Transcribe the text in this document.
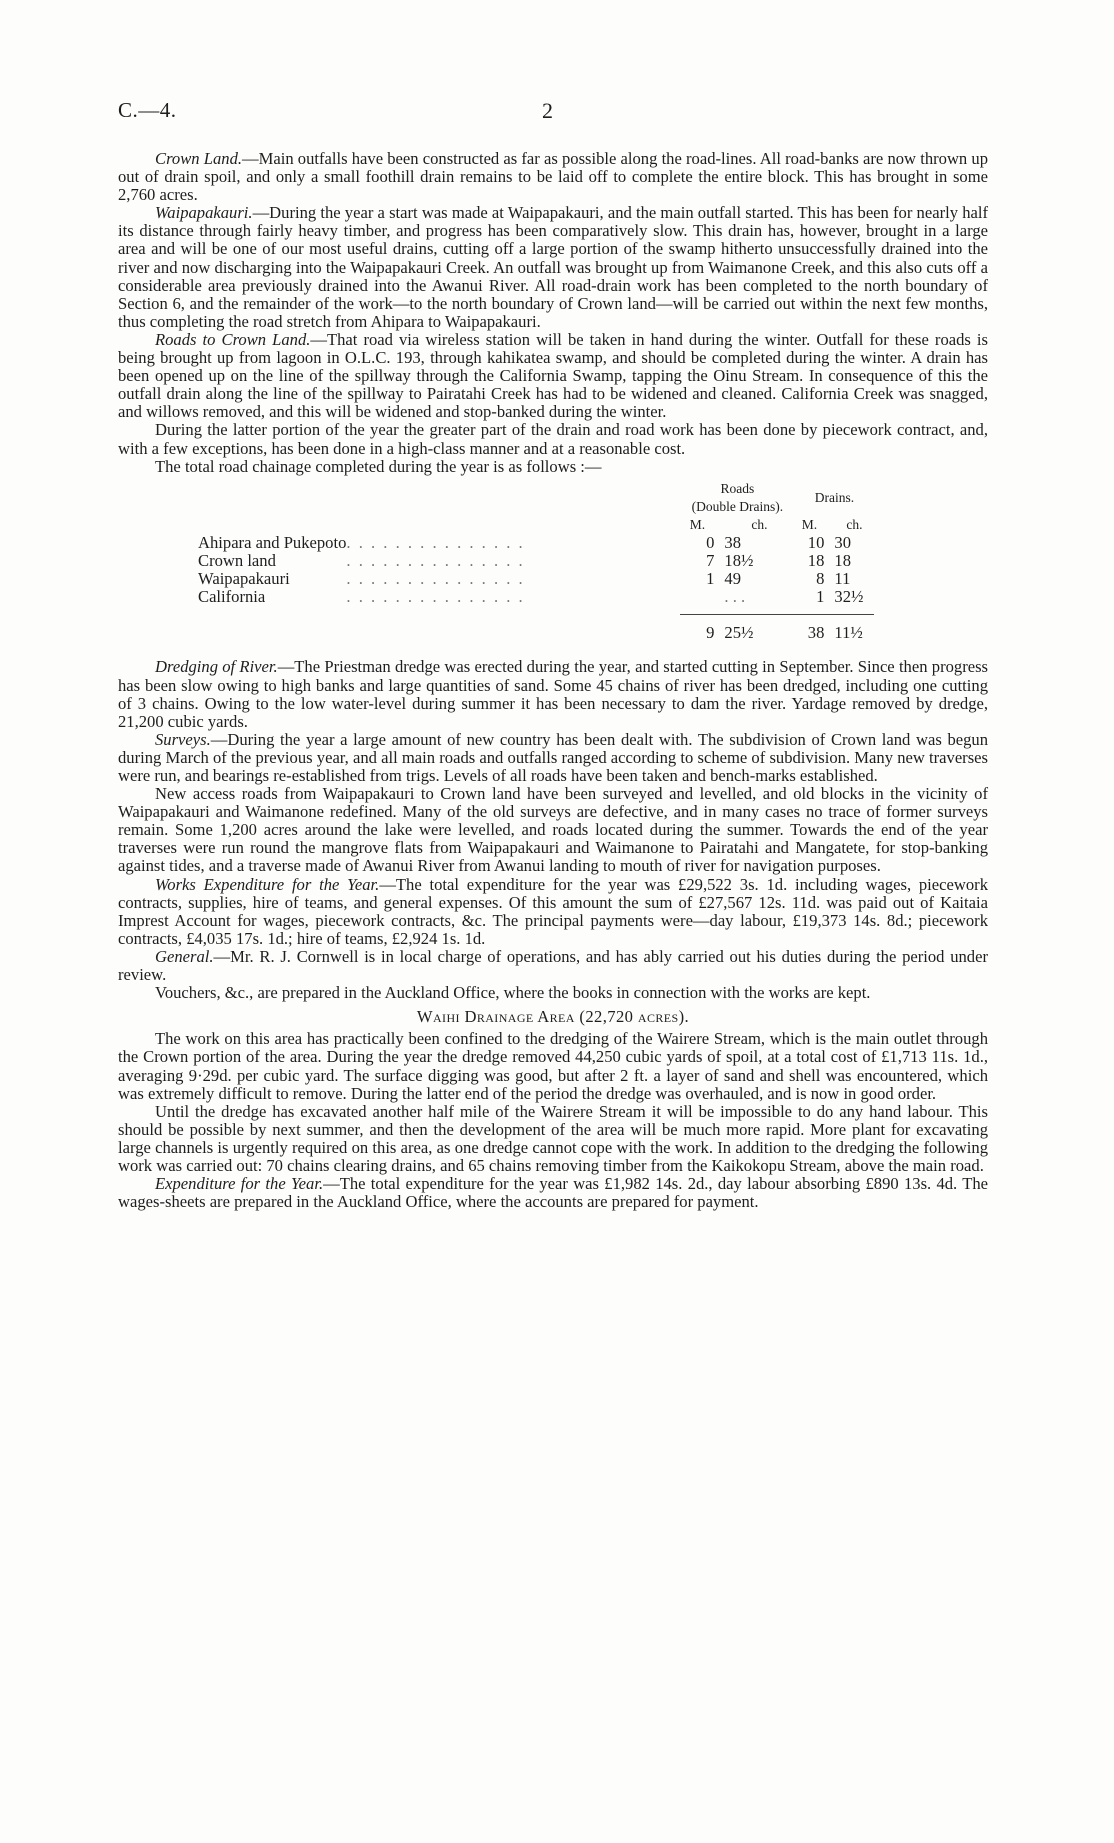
C.—4.	2

Crown Land.—Main outfalls have been constructed as far as possible along the road-lines. All road-banks are now thrown up out of drain spoil, and only a small foothill drain remains to be laid off to complete the entire block. This has brought in some 2,760 acres.

Waipapakauri.—During the year a start was made at Waipapakauri, and the main outfall started. This has been for nearly half its distance through fairly heavy timber, and progress has been comparatively slow. This drain has, however, brought in a large area and will be one of our most useful drains, cutting off a large portion of the swamp hitherto unsuccessfully drained into the river and now discharging into the Waipapakauri Creek. An outfall was brought up from Waimanone Creek, and this also cuts off a considerable area previously drained into the Awanui River. All road-drain work has been completed to the north boundary of Section 6, and the remainder of the work—to the north boundary of Crown land—will be carried out within the next few months, thus completing the road stretch from Ahipara to Waipapakauri.

Roads to Crown Land.—That road via wireless station will be taken in hand during the winter. Outfall for these roads is being brought up from lagoon in O.L.C. 193, through kahikatea swamp, and should be completed during the winter. A drain has been opened up on the line of the spillway through the California Swamp, tapping the Oinu Stream. In consequence of this the outfall drain along the line of the spillway to Pairatahi Creek has had to be widened and cleaned. California Creek was snagged, and willows removed, and this will be widened and stop-banked during the winter.

During the latter portion of the year the greater part of the drain and road work has been done by piecework contract, and, with a few exceptions, has been done in a high-class manner and at a reasonable cost.

The total road chainage completed during the year is as follows :—

		Roads
(Double Drains).		Drains.	
		M.	ch.	M.	ch.
Ahipara and Pukepoto	. . . . . . . . . . . . . . .	0	38	10	30
Crown land	. . . . . . . . . . . . . . .	7	18½	18	18
Waipapakauri	. . . . . . . . . . . . . . .	1	49	8	11
California	. . . . . . . . . . . . . . .		. . .	1	32½

		9	25½	38	11½

Dredging of River.—The Priestman dredge was erected during the year, and started cutting in September. Since then progress has been slow owing to high banks and large quantities of sand. Some 45 chains of river has been dredged, including one cutting of 3 chains. Owing to the low water-level during summer it has been necessary to dam the river. Yardage removed by dredge, 21,200 cubic yards.

Surveys.—During the year a large amount of new country has been dealt with. The subdivision of Crown land was begun during March of the previous year, and all main roads and outfalls ranged according to scheme of subdivision. Many new traverses were run, and bearings re-established from trigs. Levels of all roads have been taken and bench-marks established.

New access roads from Waipapakauri to Crown land have been surveyed and levelled, and old blocks in the vicinity of Waipapakauri and Waimanone redefined. Many of the old surveys are defective, and in many cases no trace of former surveys remain. Some 1,200 acres around the lake were levelled, and roads located during the summer. Towards the end of the year traverses were run round the mangrove flats from Waipapakauri and Waimanone to Pairatahi and Mangatete, for stop-banking against tides, and a traverse made of Awanui River from Awanui landing to mouth of river for navigation purposes.

Works Expenditure for the Year.—The total expenditure for the year was £29,522 3s. 1d. including wages, piecework contracts, supplies, hire of teams, and general expenses. Of this amount the sum of £27,567 12s. 11d. was paid out of Kaitaia Imprest Account for wages, piecework contracts, &c. The principal payments were—day labour, £19,373 14s. 8d.; piecework contracts, £4,035 17s. 1d.; hire of teams, £2,924 1s. 1d.

General.—Mr. R. J. Cornwell is in local charge of operations, and has ably carried out his duties during the period under review.

Vouchers, &c., are prepared in the Auckland Office, where the books in connection with the works are kept.

Waihi Drainage Area (22,720 acres).

The work on this area has practically been confined to the dredging of the Wairere Stream, which is the main outlet through the Crown portion of the area. During the year the dredge removed 44,250 cubic yards of spoil, at a total cost of £1,713 11s. 1d., averaging 9·29d. per cubic yard. The surface digging was good, but after 2 ft. a layer of sand and shell was encountered, which was extremely difficult to remove. During the latter end of the period the dredge was overhauled, and is now in good order.

Until the dredge has excavated another half mile of the Wairere Stream it will be impossible to do any hand labour. This should be possible by next summer, and then the development of the area will be much more rapid. More plant for excavating large channels is urgently required on this area, as one dredge cannot cope with the work. In addition to the dredging the following work was carried out: 70 chains clearing drains, and 65 chains removing timber from the Kaikokopu Stream, above the main road.

Expenditure for the Year.—The total expenditure for the year was £1,982 14s. 2d., day labour absorbing £890 13s. 4d. The wages-sheets are prepared in the Auckland Office, where the accounts are prepared for payment.
